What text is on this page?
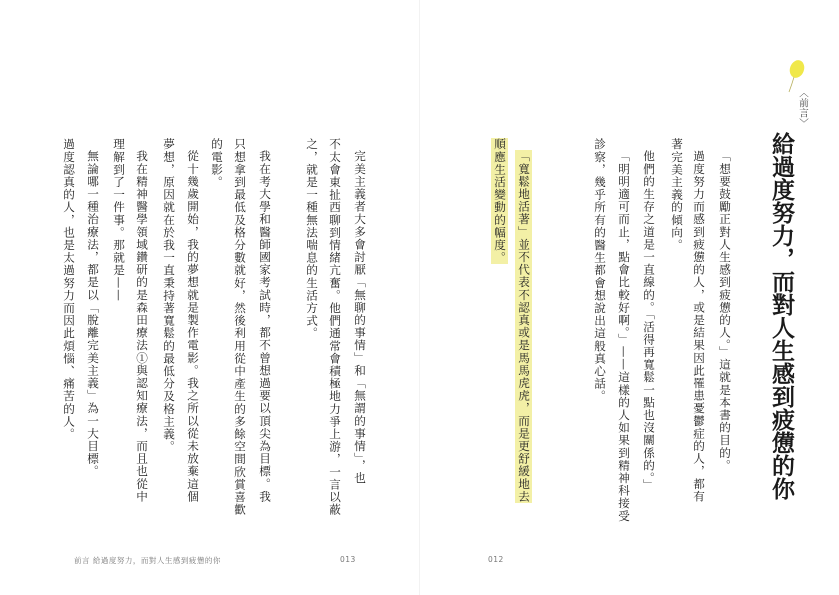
〈前言〉
給過度努力，而對人生感到疲憊的你
「想要鼓勵正對人生感到疲憊的人。」這就是本書的目的。
過度努力而感到疲憊的人，或是結果因此罹患憂鬱症的人，都有
著完美主義的傾向。
他們的生存之道是一直線的。「活得再寬鬆一點也沒關係的。」
「明明適可而止，點會比較好啊。」——這樣的人如果到精神科接受
診察，幾乎所有的醫生都會想說出這般真心話。
「寬鬆地活著」並不代表不認真或是馬馬虎虎，而是更舒緩地去
順應生活變動的幅度。
012
完美主義者大多會討厭「無聊的事情」和「無謂的事情」，也
不太會東扯西聊到情緒亢奮。他們通常會積極地力爭上游，一言以蔽
之，就是一種無法喘息的生活方式。
我在考大學和醫師國家考試時，都不曾想過要以頂尖為目標。我
只想拿到最低及格分數就好，然後利用從中產生的多餘空間欣賞喜歡
的電影。
從十幾歲開始，我的夢想就是製作電影。我之所以從未放棄這個
夢想，原因就在於我一直秉持著寬鬆的最低分及格主義。
我在精神醫學領域鑽研的是森田療法①與認知療法，而且也從中
理解到了一件事。那就是——
無論哪一種治療法，都是以「脫離完美主義」為一大目標。
過度認真的人，也是太過努力而因此煩惱、痛苦的人。
前言 給過度努力，而對人生感到疲憊的你	013
